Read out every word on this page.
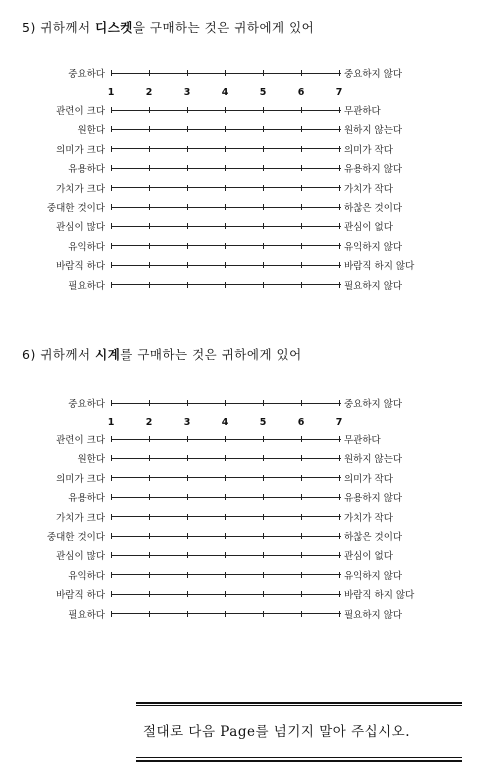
5) 귀하께서 디스켓을 구매하는 것은 귀하에게 있어
중요하다	중요하지 않다
1	2	3	4	5	6	7
관련이 크다	무관하다
원한다	원하지 않는다
의미가 크다	의미가 작다
유용하다	유용하지 않다
가치가 크다	가치가 작다
중대한 것이다	하찮은 것이다
관심이 많다	관심이 없다
유익하다	유익하지 않다
바람직 하다	바람직 하지 않다
필요하다	필요하지 않다
6) 귀하께서 시계를 구매하는 것은 귀하에게 있어
중요하다	중요하지 않다
1	2	3	4	5	6	7
관련이 크다	무관하다
원한다	원하지 않는다
의미가 크다	의미가 작다
유용하다	유용하지 않다
가치가 크다	가치가 작다
중대한 것이다	하찮은 것이다
관심이 많다	관심이 없다
유익하다	유익하지 않다
바람직 하다	바람직 하지 않다
필요하다	필요하지 않다
절대로 다음 Page를 넘기지 말아 주십시오.
